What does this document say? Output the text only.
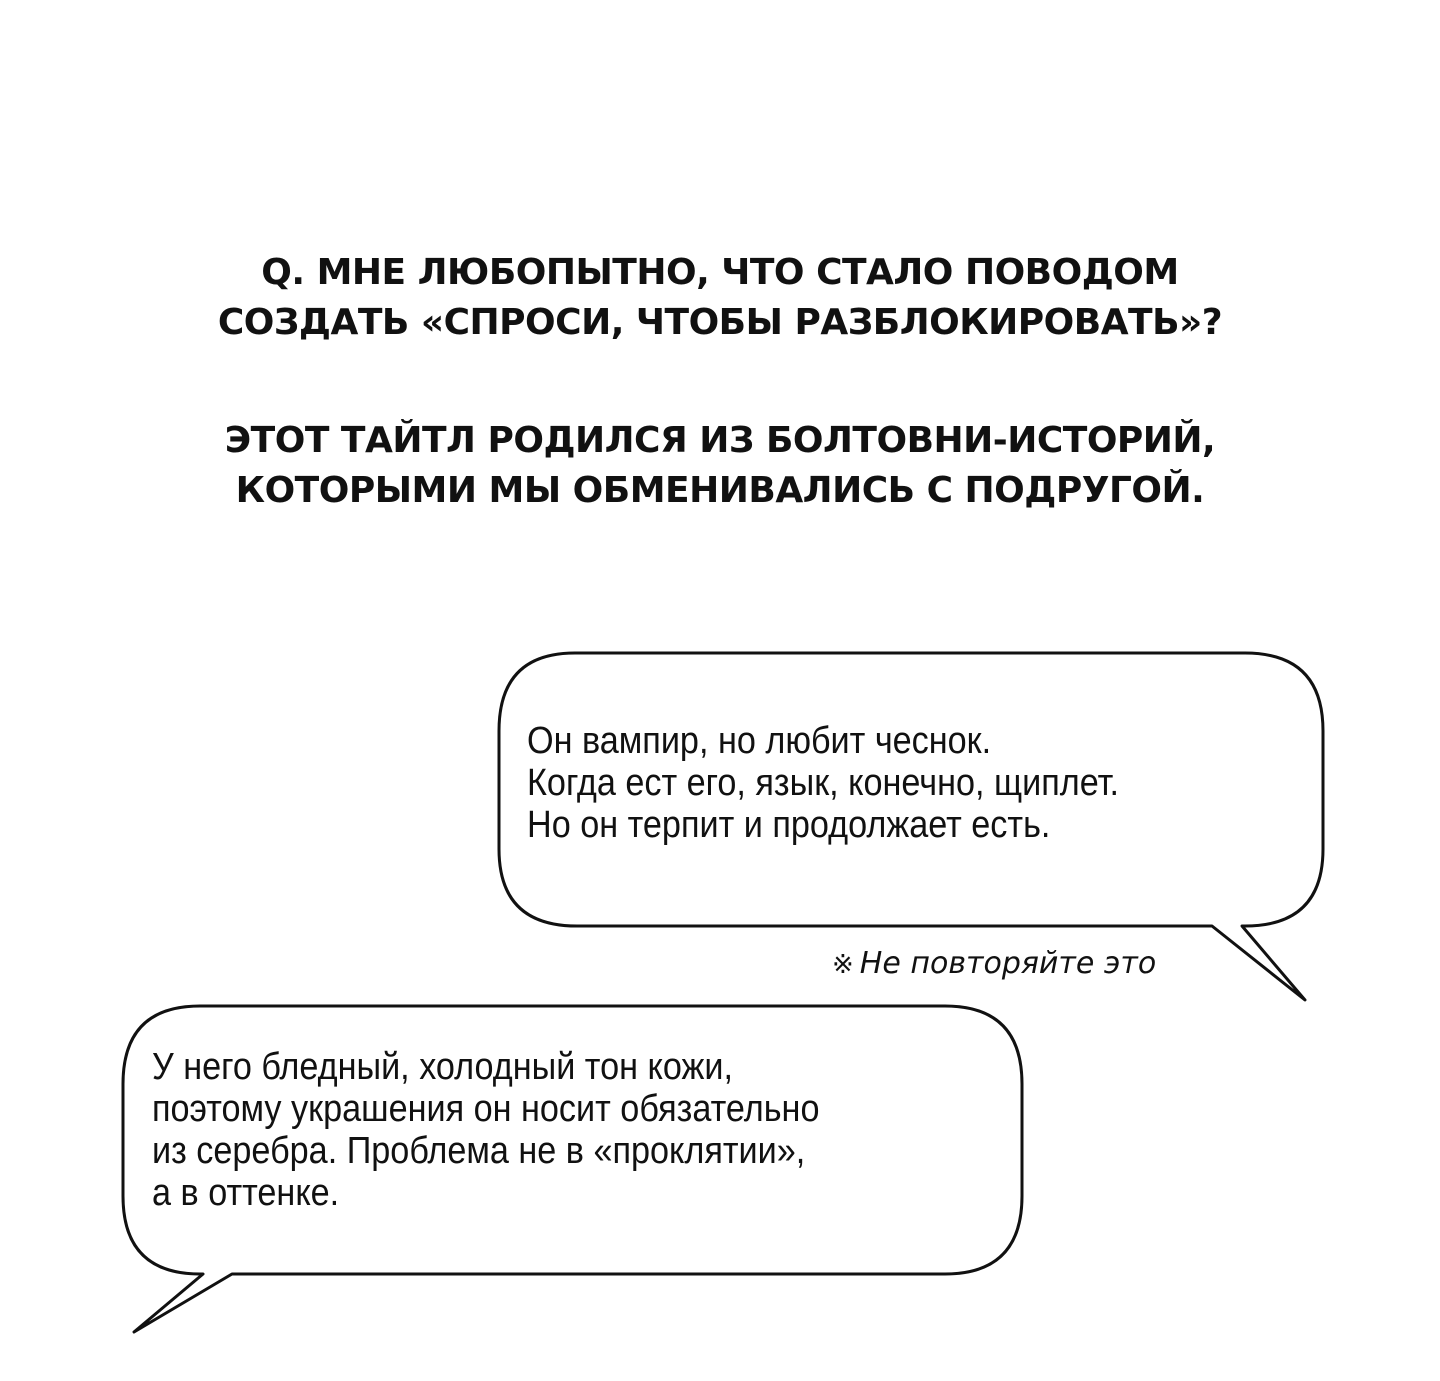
Q. МНЕ ЛЮБОПЫТНО, ЧТО СТАЛО ПОВОДОМ
СОЗДАТЬ «СПРОСИ, ЧТОБЫ РАЗБЛОКИРОВАТЬ»?
ЭТОТ ТАЙТЛ РОДИЛСЯ ИЗ БОЛТОВНИ-ИСТОРИЙ,
КОТОРЫМИ МЫ ОБМЕНИВАЛИСЬ С ПОДРУГОЙ.
Он вампир, но любит чеснок.
Когда ест его, язык, конечно, щиплет.
Но он терпит и продолжает есть.
※ Не повторяйте это
У него бледный, холодный тон кожи,
поэтому украшения он носит обязательно
из серебра. Проблема не в «проклятии»,
а в оттенке.
